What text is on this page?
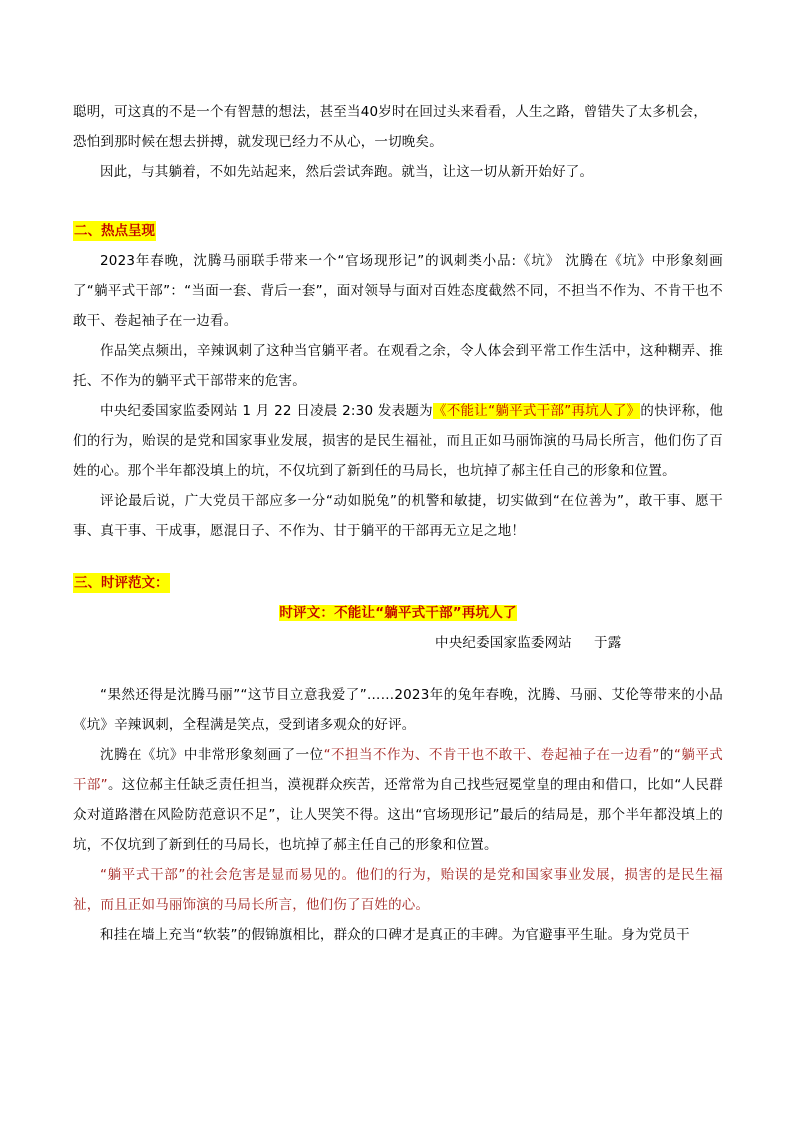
聪明，可这真的不是一个有智慧的想法，甚至当40岁时在回过头来看看，人生之路，曾错失了太多机会，
恐怕到那时候在想去拼搏，就发现已经力不从心，一切晚矣。

因此，与其躺着，不如先站起来，然后尝试奔跑。就当，让这一切从新开始好了。

二、热点呈现

2023年春晚，沈腾马丽联手带来一个“官场现形记”的讽刺类小品:《坑》 沈腾在《坑》中形象刻画了“躺平式干部”：“当面一套、背后一套”，面对领导与面对百姓态度截然不同，不担当不作为、不肯干也不敢干、卷起袖子在一边看。

作品笑点频出，辛辣讽刺了这种当官躺平者。在观看之余，令人体会到平常工作生活中，这种糊弄、推托、不作为的躺平式干部带来的危害。

中央纪委国家监委网站 1 月 22 日凌晨 2:30 发表题为《不能让“躺平式干部”再坑人了》的快评称，他们的行为，贻误的是党和国家事业发展，损害的是民生福祉，而且正如马丽饰演的马局长所言，他们伤了百姓的心。那个半年都没填上的坑，不仅坑到了新到任的马局长，也坑掉了郝主任自己的形象和位置。

评论最后说，广大党员干部应多一分“动如脱兔”的机警和敏捷，切实做到“在位善为”，敢干事、愿干事、真干事、干成事，愿混日子、不作为、甘于躺平的干部再无立足之地！

三、时评范文：

时评文：不能让“躺平式干部”再坑人了

中央纪委国家监委网站 于露

“果然还得是沈腾马丽”“这节目立意我爱了”……2023年的兔年春晚，沈腾、马丽、艾伦等带来的小品《坑》辛辣讽刺，全程满是笑点，受到诸多观众的好评。

沈腾在《坑》中非常形象刻画了一位“不担当不作为、不肯干也不敢干、卷起袖子在一边看”的“躺平式干部”。这位郝主任缺乏责任担当，漠视群众疾苦，还常常为自己找些冠冕堂皇的理由和借口，比如“人民群众对道路潜在风险防范意识不足”，让人哭笑不得。这出“官场现形记”最后的结局是，那个半年都没填上的坑，不仅坑到了新到任的马局长，也坑掉了郝主任自己的形象和位置。

“躺平式干部”的社会危害是显而易见的。他们的行为，贻误的是党和国家事业发展，损害的是民生福祉，而且正如马丽饰演的马局长所言，他们伤了百姓的心。

和挂在墙上充当“软装”的假锦旗相比，群众的口碑才是真正的丰碑。为官避事平生耻。身为党员干
